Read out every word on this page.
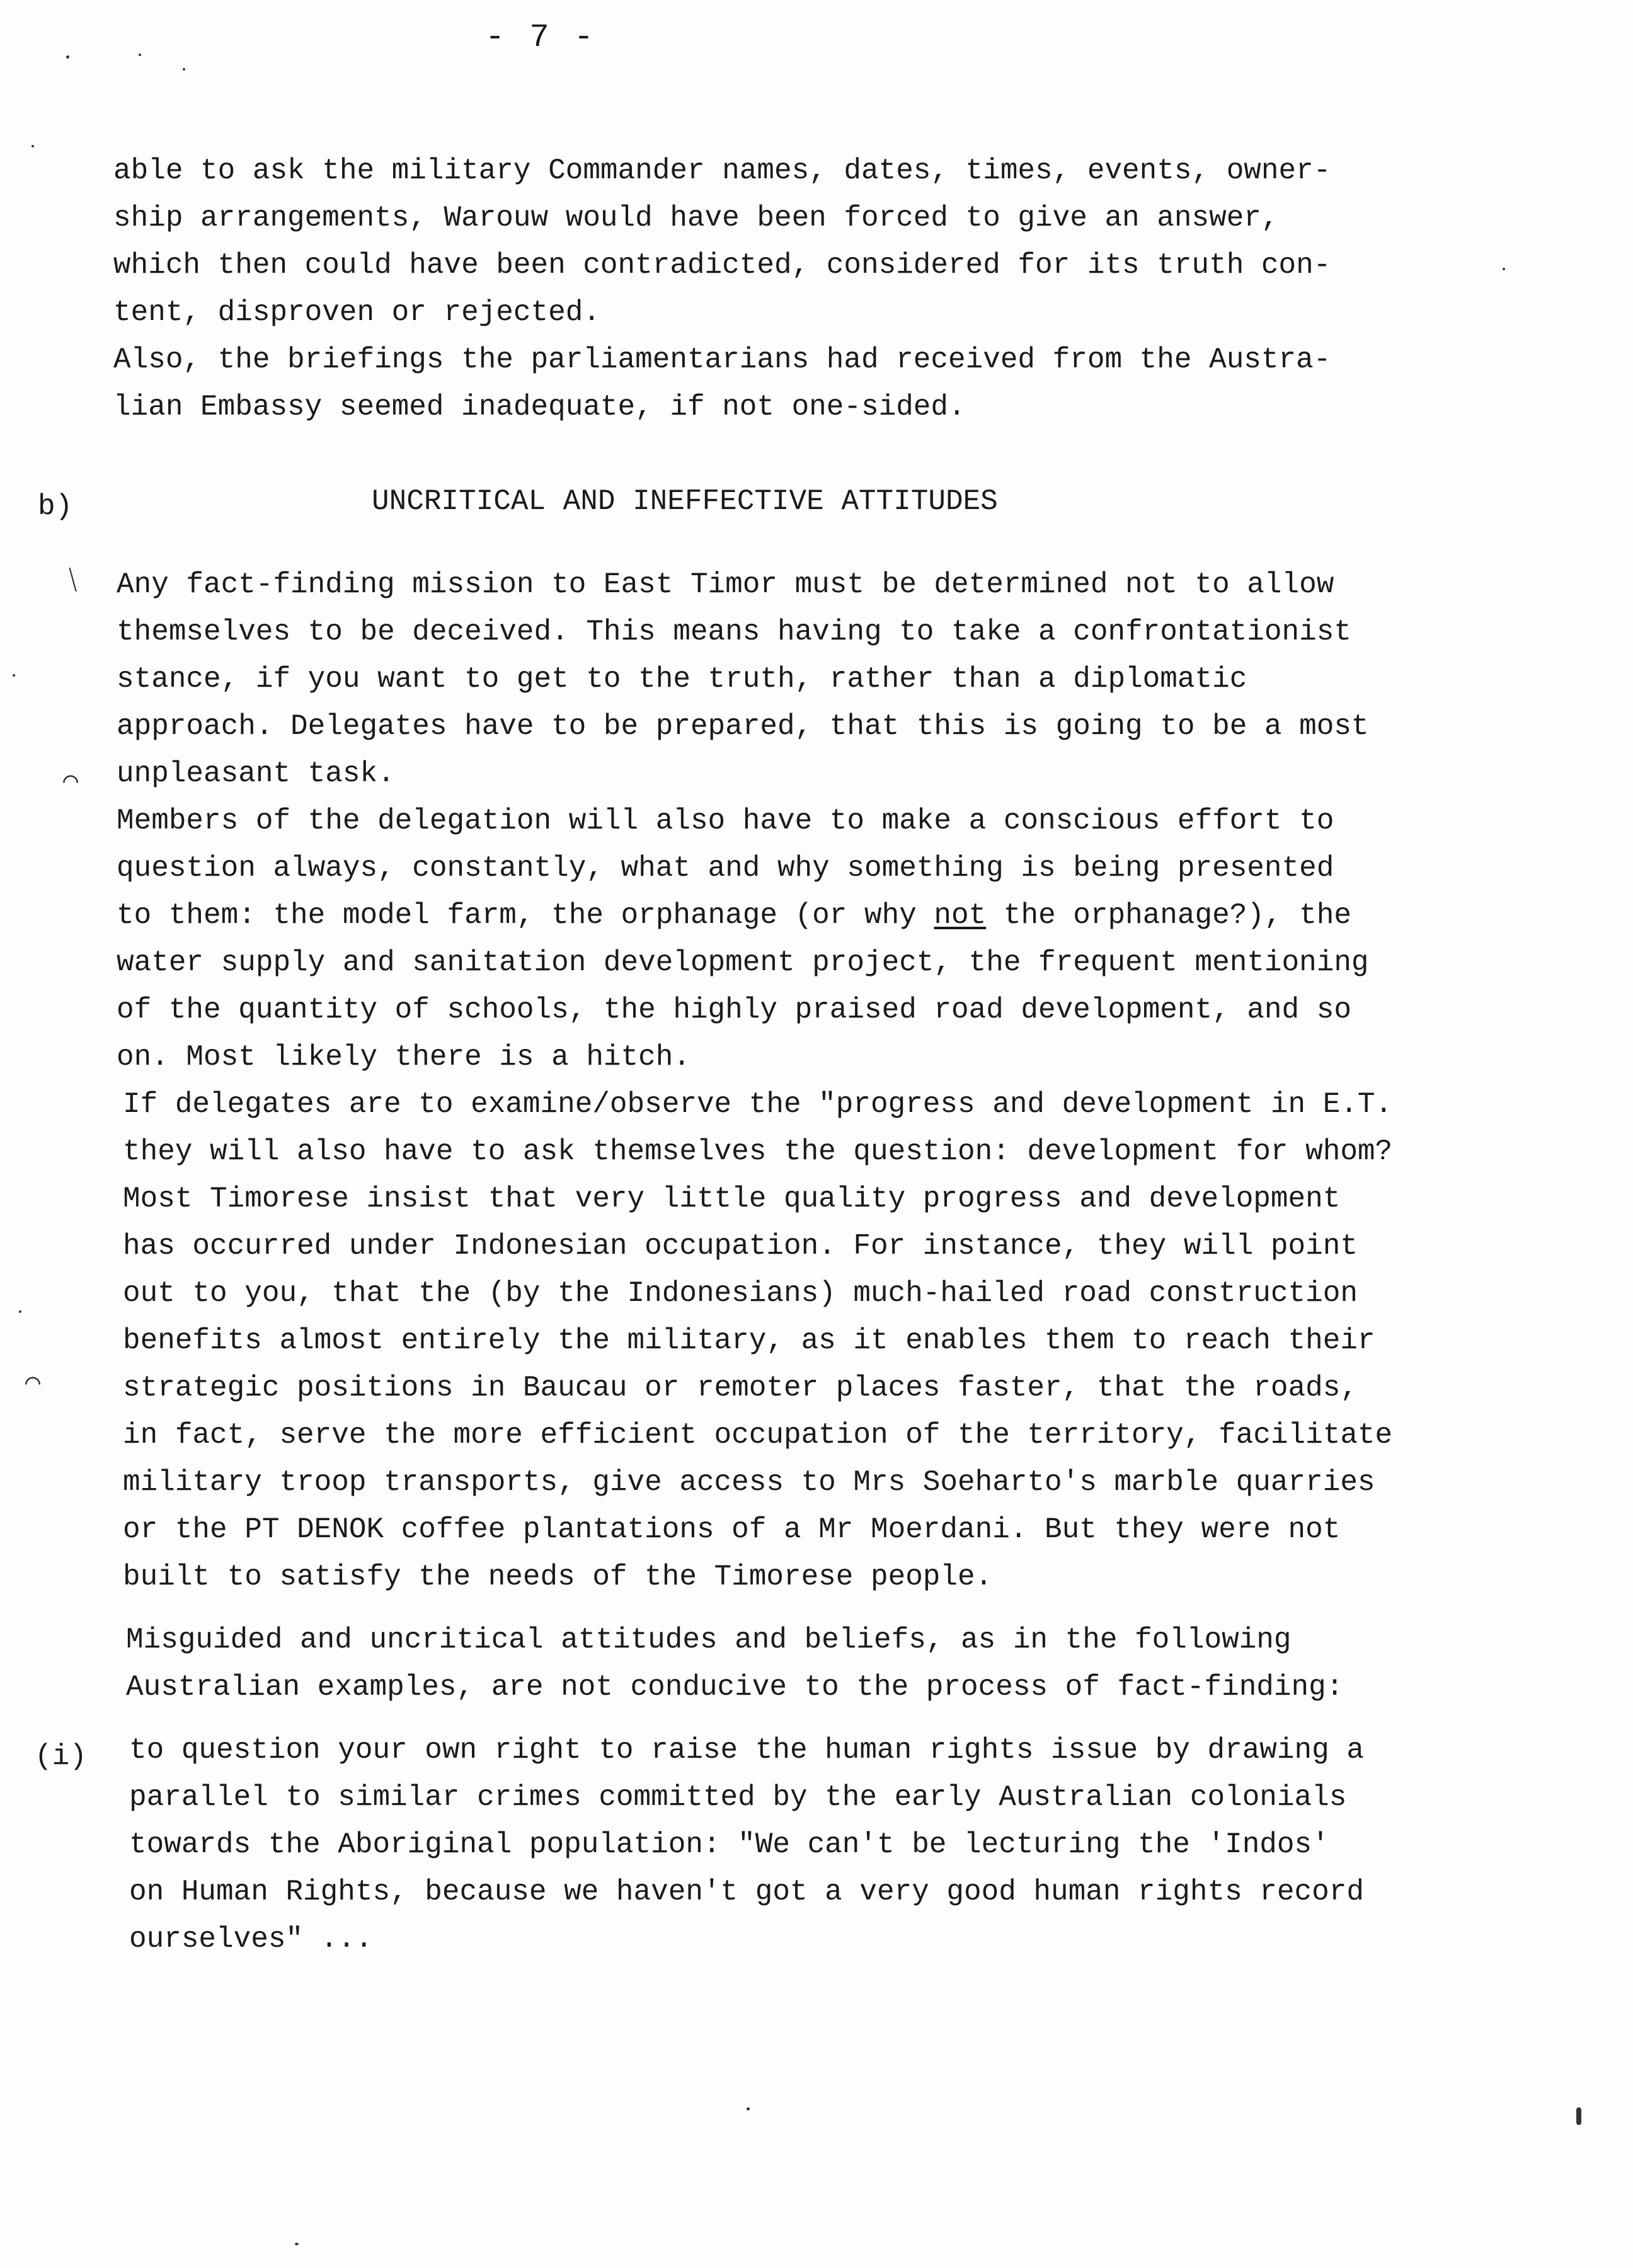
- 7 -
able to ask the military Commander names, dates, times, events, owner-
ship arrangements, Warouw would have been forced to give an answer,
which then could have been contradicted, considered for its truth con-
tent, disproven or rejected.
Also, the briefings the parliamentarians had received from the Austra-
lian Embassy seemed inadequate, if not one-sided.
b)	UNCRITICAL AND INEFFECTIVE ATTITUDES
⟍
⌒
⌒
Any fact-finding mission to East Timor must be determined not to allow
themselves to be deceived. This means having to take a confrontationist
stance, if you want to get to the truth, rather than a diplomatic
approach. Delegates have to be prepared, that this is going to be a most
unpleasant task.
Members of the delegation will also have to make a conscious effort to
question always, constantly, what and why something is being presented
to them: the model farm, the orphanage (or why not the orphanage?), the
water supply and sanitation development project, the frequent mentioning
of the quantity of schools, the highly praised road development, and so
on. Most likely there is a hitch.
If delegates are to examine/observe the "progress and development in E.T.
they will also have to ask themselves the question: development for whom?
Most Timorese insist that very little quality progress and development
has occurred under Indonesian occupation. For instance, they will point
out to you, that the (by the Indonesians) much-hailed road construction
benefits almost entirely the military, as it enables them to reach their
strategic positions in Baucau or remoter places faster, that the roads,
in fact, serve the more efficient occupation of the territory, facilitate
military troop transports, give access to Mrs Soeharto's marble quarries
or the PT DENOK coffee plantations of a Mr Moerdani. But they were not
built to satisfy the needs of the Timorese people.
Misguided and uncritical attitudes and beliefs, as in the following
Australian examples, are not conducive to the process of fact-finding:
(i) to question your own right to raise the human rights issue by drawing a
parallel to similar crimes committed by the early Australian colonials
towards the Aboriginal population: "We can't be lecturing the 'Indos'
on Human Rights, because we haven't got a very good human rights record
ourselves" ...
